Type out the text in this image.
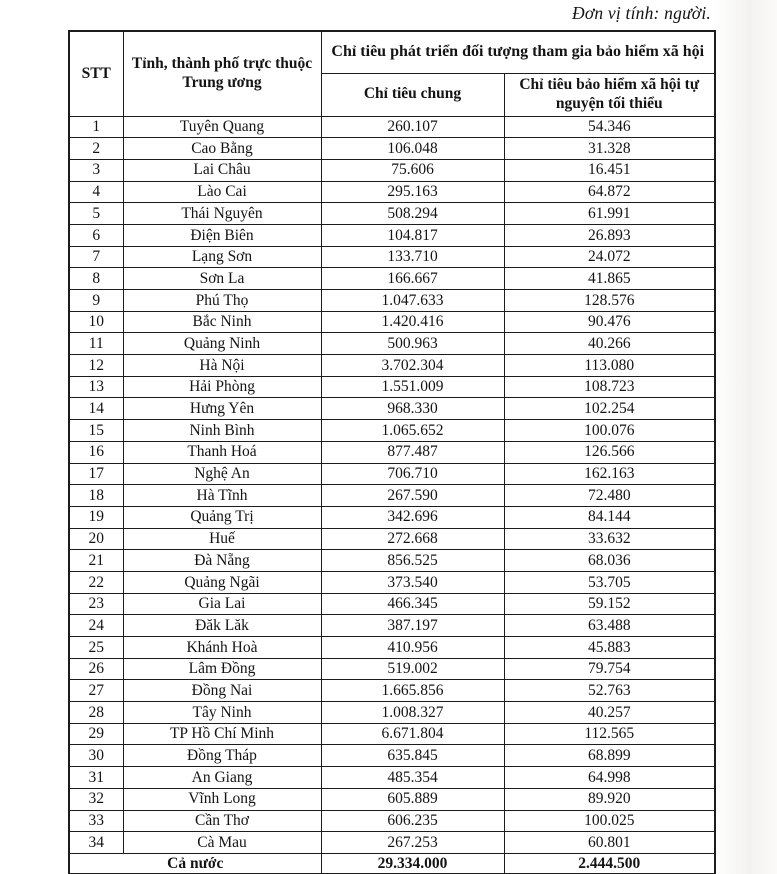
Đơn vị tính: người.
STT	Tỉnh, thành phố trực thuộc Trung ương	Chỉ tiêu phát triển đối tượng tham gia bảo hiểm xã hội	
		Chỉ tiêu chung	Chỉ tiêu bảo hiểm xã hội tự nguyện tối thiểu
1	Tuyên Quang	260.107	54.346
2	Cao Bằng	106.048	31.328
3	Lai Châu	75.606	16.451
4	Lào Cai	295.163	64.872
5	Thái Nguyên	508.294	61.991
6	Điện Biên	104.817	26.893
7	Lạng Sơn	133.710	24.072
8	Sơn La	166.667	41.865
9	Phú Thọ	1.047.633	128.576
10	Bắc Ninh	1.420.416	90.476
11	Quảng Ninh	500.963	40.266
12	Hà Nội	3.702.304	113.080
13	Hải Phòng	1.551.009	108.723
14	Hưng Yên	968.330	102.254
15	Ninh Bình	1.065.652	100.076
16	Thanh Hoá	877.487	126.566
17	Nghệ An	706.710	162.163
18	Hà Tĩnh	267.590	72.480
19	Quảng Trị	342.696	84.144
20	Huế	272.668	33.632
21	Đà Nẵng	856.525	68.036
22	Quảng Ngãi	373.540	53.705
23	Gia Lai	466.345	59.152
24	Đăk Lăk	387.197	63.488
25	Khánh Hoà	410.956	45.883
26	Lâm Đồng	519.002	79.754
27	Đồng Nai	1.665.856	52.763
28	Tây Ninh	1.008.327	40.257
29	TP Hồ Chí Minh	6.671.804	112.565
30	Đồng Tháp	635.845	68.899
31	An Giang	485.354	64.998
32	Vĩnh Long	605.889	89.920
33	Cần Thơ	606.235	100.025
34	Cà Mau	267.253	60.801
Cả nước		29.334.000	2.444.500
